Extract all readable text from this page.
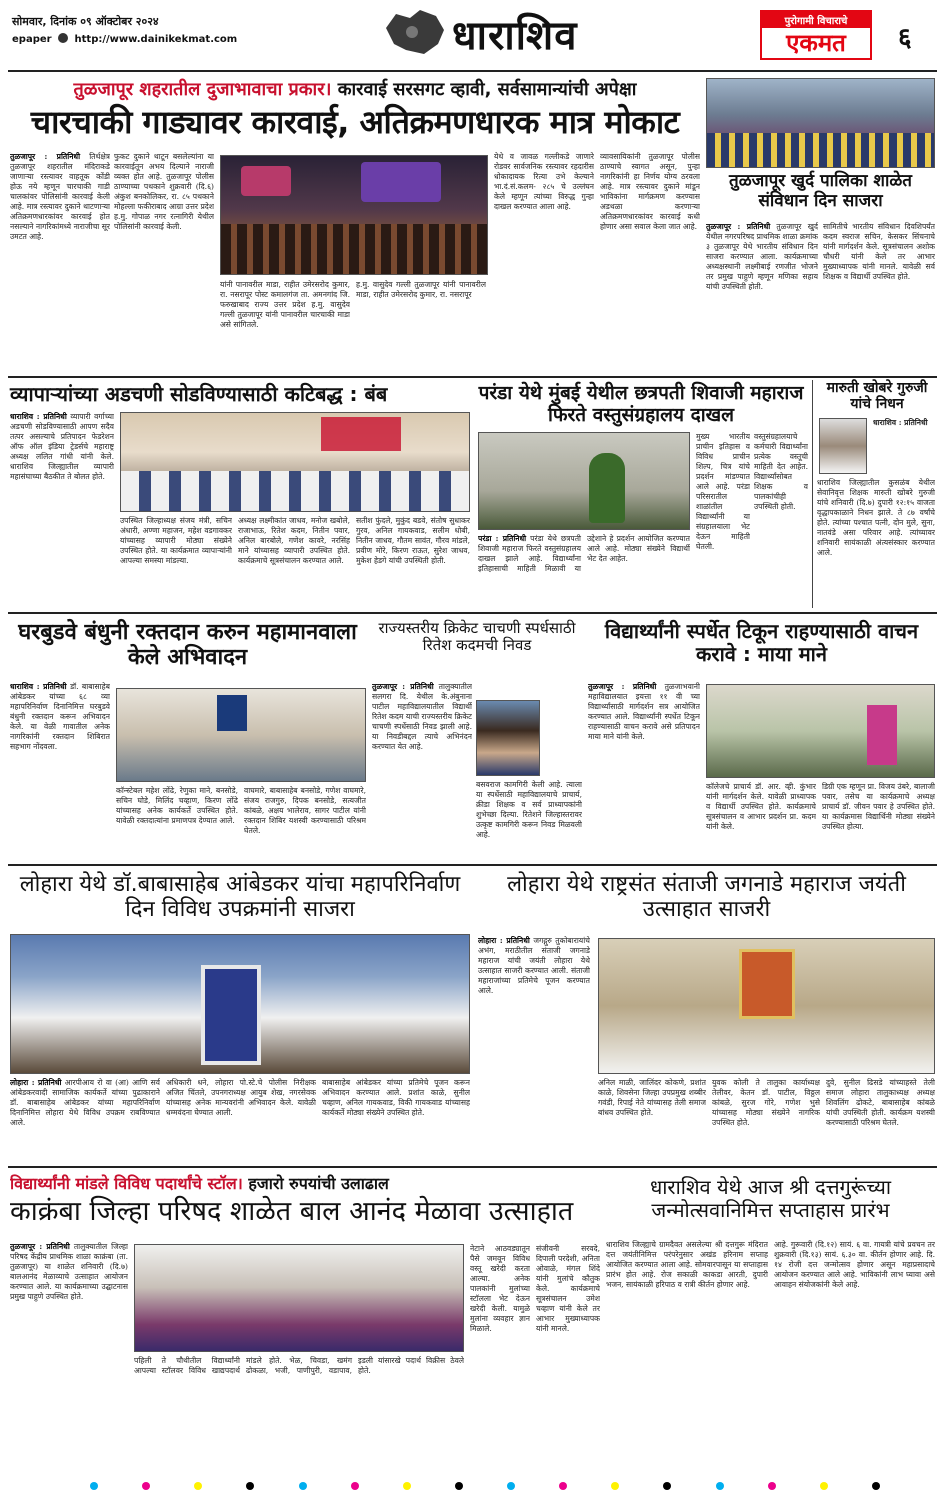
सोमवार, दिनांक ०९ ऑक्टोबर २०२४
epaper http://www.dainikekmat.com	धाराशिव	पुरोगामी विचाराचे
एकमत	६
तुळजापूर शहरातील दुजाभावाचा प्रकार। कारवाई सरसगट व्हावी, सर्वसामान्यांची अपेक्षा
चारचाकी गाड्यावर कारवाई, अतिक्रमणधारक मात्र मोकाट
तुळजापूर : प्रतिनिधी तिर्थक्षेत्र तुळजापूर शहरातील मंदिराकडे जाणाऱ्या रस्त्यावर वाहतूक कोंडी होऊ नये म्हणून चारचाकी गाडी चालकांवर पोलिसांनी कारवाई केली आहे. मात्र रस्त्यावर दुकाने थाटणाऱ्या अतिक्रमणधारकांवर कारवाई होत नसल्याने नागरिकांमध्ये नाराजीचा सूर उमटत आहे.
फुकट दुकाने थाटून बसलेल्यांना या कारवाईतून अभय दिल्याने नाराजी व्यक्त होत आहे. तुळजापूर पोलीस ठाण्याच्या पथकाने शुक्रवारी (दि.६) अंकुश बनकोलिकर, रा. ८५ पथकाने मोहल्ला फकीराबाद आग्रा उत्तर प्रदेश ह.मु. गोपाळ नगर रत्नागिरी येथील पोलिसांनी कारवाई केली.
यांनी पानावरील माडा, राहीत उमेरसरोद कुमार, रा. नसरापूर पोस्ट कमालगंज ता. अमनगांद जि. फरुखाबाद राज्य उत्तर प्रदेश ह.मु. वासुदेव गल्ली तुळजापूर यांनी पानावरील चारचाकी माडा असे सांगितले.
ह.मु. वासुदेव गल्ली तुळजापूर यांनी पानावरील माडा, राहीत उमेरसरोद कुमार, रा. नसरापूर
येथे व जावळ गल्लीकडे जाणारे रोडवर सार्वजनिक रस्त्यावर रहदारीस धोकादायक रित्या उभे केल्याने भा.दं.सं.कलम- २८५ चे उल्लंघन केले म्हणून त्यांच्या विरुद्ध गुन्हा दाखल करण्यात आला आहे.
व्यावसायिकांनी तुळजापूर पोलीस ठाण्याचे स्वागत असून, पुन्हा नागरिकांनी हा निर्णय योग्य ठरवला आहे. मात्र रस्त्यावर दुकाने मांडून भाविकांना मार्गक्रमण करण्यास अडथळा करणाऱ्या अतिक्रमणधारकांवर कारवाई कधी होणार असा सवाल केला जात आहे.
तुळजापूर खुर्द पालिका शाळेत संविधान दिन साजरा
तुळजापूर : प्रतिनिधी तुळजापूर खुर्द येथील नगरपरिषद प्राथमिक शाळा क्रमांक ३ तुळजापूर येथे भारतीय संविधान दिन साजरा करण्यात आला. कार्यक्रमाच्या अध्यक्षस्थानी लक्ष्मीबाई रणजीत भोजने तर प्रमुख पाहुणे म्हणून मणिका सहाय यांची उपस्थिती होती.
सामितीचे भारतीय संविधान दिवशिपर्यंत कदम स्वराज सचिन, केसकर सिंचनाचे यांनी मार्गदर्शन केले. सूत्रसंचालन अशोक चौधरी यांनी केले तर आभार मुख्याध्यापक यांनी मानले. यावेळी सर्व शिक्षक व विद्यार्थी उपस्थित होते.
व्यापाऱ्यांच्या अडचणी सोडविण्यासाठी कटिबद्ध : बंब
धाराशिव : प्रतिनिधी व्यापारी वर्गाच्या अडचणी सोडविण्यासाठी आपण सदैव तत्पर असल्याचे प्रतिपादन फेडरेशन ऑफ ऑल इंडिया ट्रेडर्सचे महाराष्ट्र अध्यक्ष ललित गांधी यांनी केले. धाराशिव जिल्ह्यातील व्यापारी महासंघाच्या बैठकीत ते बोलत होते.
उपस्थित जिल्हाध्यक्ष संजय मंत्री, सचिन अंधारी, अण्णा महाजन, महेश वडगावकर यांच्यासह व्यापारी मोठ्या संख्येने उपस्थित होते. या कार्यक्रमात व्यापाऱ्यांनी आपल्या समस्या मांडल्या.
अध्यक्ष लक्ष्मीकांत जाधव, मनोज खबोले, राजाभाऊ, रितेश कदम, नितीन पवार, अनिल बारबोले, गणेश कावरे, नरसिंह माने यांच्यासह व्यापारी उपस्थित होते. कार्यक्रमाचे सूत्रसंचालन करण्यात आले.
सतीश फुंदले, मुकुंद बडवे, संतोष सुधाकर गुरव, अनिल गायकवाड, सलीम धोबी, नितीन जाधव, गौतम सावंत, गौरव मांडले, प्रवीण मोरे, किरण राऊत, सुरेश जाधव, मुकेश हेडगे यांची उपस्थिती होती.
परंडा येथे मुंबई येथील छत्रपती शिवाजी महाराज फिरते वस्तुसंग्रहालय दाखल
परंडा : प्रतिनिधी परंडा येथे छत्रपती शिवाजी महाराज फिरते वस्तुसंग्रहालय दाखल झाले आहे. विद्यार्थ्यांना इतिहासाची माहिती मिळावी या उद्देशाने हे प्रदर्शन आयोजित करण्यात आले आहे. मोठ्या संख्येने विद्यार्थी भेट देत आहेत.
मुख्य भारतीय प्राचीन इतिहास व विविध प्राचीन शिल्प, चित्र यांचे प्रदर्शन मांडण्यात आले आहे. परंडा परिसरातील शाळांतील विद्यार्थ्यांनी या संग्रहालयाला भेट देऊन माहिती घेतली.
वस्तुसंग्रहालयाचे कर्मचारी विद्यार्थ्यांना प्रत्येक वस्तूची माहिती देत आहेत. विद्यार्थ्यांसोबत शिक्षक व पालकांचीही उपस्थिती होती.
मारुती खोबरे गुरुजी यांचे निधन
धाराशिव : प्रतिनिधी
धाराशिव जिल्ह्यातील कुसळंब येथील सेवानिवृत्त शिक्षक मारुती खोबरे गुरुजी यांचे शनिवारी (दि.७) दुपारी १२:१५ वाजता वृद्धापकाळाने निधन झाले. ते ८७ वर्षांचे होते. त्यांच्या पश्चात पत्नी, दोन मुले, सुना, नातवंडे असा परिवार आहे. त्यांच्यावर शनिवारी सायंकाळी अंत्यसंस्कार करण्यात आले.
घरबुडवे बंधुनी रक्तदान करुन महामानवाला केले अभिवादन
धाराशिव : प्रतिनिधी डॉ. बाबासाहेब आंबेडकर यांच्या ६८ व्या महापरिनिर्वाण दिनानिमित्त घरबुडवे बंधुनी रक्तदान करून अभिवादन केले. या वेळी गावातील अनेक नागरिकांनी रक्तदान शिबिरात सहभाग नोंदवला.
कॉन्स्टेबल महेश लोंढे, रेणुका माने, बनसोडे, सचिन घोडे, मिलिंद चव्हाण, किरण लोंढे यांच्यासह अनेक कार्यकर्ते उपस्थित होते. यावेळी रक्तदात्यांना प्रमाणपत्र देण्यात आले.
वाघमारे, बाबासाहेब बनसोडे, गणेश वाघमारे, संजय राजगुरु, दिपक बनसोडे, सत्यजीत कांबळे, अक्षय भालेराव, सागर पाटील यांनी रक्तदान शिबिर यशस्वी करण्यासाठी परिश्रम घेतले.
राज्यस्तरीय क्रिकेट चाचणी स्पर्धसाठी रितेश कदमची निवड
तुळजापूर : प्रतिनिधी तालुक्यातील सलगरा दि. येथील के.अंबुनाना पाटील महाविद्यालयातील विद्यार्थी रितेश कदम याची राज्यस्तरीय क्रिकेट चाचणी स्पर्धेसाठी निवड झाली आहे. या निवडीबद्दल त्याचे अभिनंदन करण्यात येत आहे.
बसवराज कामगिरी केली आहे. त्याला या स्पर्धेसाठी महाविद्यालयाचे प्राचार्य, क्रीडा शिक्षक व सर्व प्राध्यापकांनी शुभेच्छा दिल्या. रितेशने जिल्हास्तरावर उत्कृष्ट कामगिरी करून निवड मिळवली आहे.
विद्यार्थ्यांनी स्पर्धेत टिकून राहण्यासाठी वाचन करावे : माया माने
तुळजापूर : प्रतिनिधी तुळजाभवानी महाविद्यालयात इयत्ता ११ वी च्या विद्यार्थ्यांसाठी मार्गदर्शन सत्र आयोजित करण्यात आले. विद्यार्थ्यांनी स्पर्धेत टिकून राहण्यासाठी वाचन करावे असे प्रतिपादन माया माने यांनी केले.
कॉलेजचे प्राचार्य डॉ. आर. व्ही. कुंभार यांनी मार्गदर्शन केले. यावेळी प्राध्यापक व विद्यार्थी उपस्थित होते. कार्यक्रमाचे सूत्रसंचालन व आभार प्रदर्शन प्रा. कदम यांनी केले.
डिग्री एक म्हणून प्रा. विजय उंबरे, बालाजी पवार, तसेच या कार्यक्रमाचे अध्यक्ष प्राचार्य डॉ. जीवन पवार हे उपस्थित होते. या कार्यक्रमास विद्यार्थिनी मोठ्या संख्येने उपस्थित होत्या.
लोहारा येथे डॉ.बाबासाहेब आंबेडकर यांचा महापरिनिर्वाण दिन विविध उपक्रमांनी साजरा
लोहारा : प्रतिनिधी आरपीआय रो वा (आ) आणि सर्व आंबेडकरवादी सामाजिक कार्यकर्ते यांच्या पुढाकाराने डॉ. बाबासाहेब आंबेडकर यांच्या महापरिनिर्वाण दिनानिमित्त लोहारा येथे विविध उपक्रम राबविण्यात आले.
अधिकारी धने, लोहारा पो.स्टे.चे पोलीस निरीक्षक अजित चिंतले, उपनगराध्यक्ष आयुब शेख, नगरसेवक यांच्यासह अनेक मान्यवरांनी अभिवादन केले. यावेळी धम्मवंदना घेण्यात आली.
बाबासाहेब आंबेडकर यांच्या प्रतिमेचे पूजन करून अभिवादन करण्यात आले. प्रशांत काळे, सुनील चव्हाण, अनिल गायकवाड, विकी गायकवाड यांच्यासह कार्यकर्ते मोठ्या संख्येने उपस्थित होते.
लोहारा येथे राष्ट्रसंत संताजी जगनाडे महाराज जयंती उत्साहात साजरी
लोहारा : प्रतिनिधी जगद्गुरु तुकोबारायांचे अभंग, मराठीतील संताजी जगनाडे महाराज यांची जयंती लोहारा येथे उत्साहात साजरी करण्यात आली. संताजी महाराजांच्या प्रतिमेचे पूजन करण्यात आले.
अनिल माळी, जालिंदर कोकणे, प्रशांत काळे, शिवसेना जिल्हा उपप्रमुख शब्बीर गवंडी, रिपाई नेते यांच्यासह तेली समाज बांधव उपस्थित होते.
युवक कोली ते तालुका कार्याध्यक्ष तेलीवर, केतन डॉ. पाटील, विठ्ठल कांबळे, सुरज गोरे, गणेश भुसे यांच्यासह मोठ्या संख्येने नागरिक उपस्थित होते.
दुवे, सुनील ढिसडे यांच्याहस्ते तेली समाज लोहारा तालुकाध्यक्ष अध्यक्ष शिवलिंग ढोकटे, बाबासाहेब कांबळे यांची उपस्थिती होती. कार्यक्रम यशस्वी करण्यासाठी परिश्रम घेतले.
विद्यार्थ्यांनी मांडले विविध पदार्थांचे स्टॉल। हजारो रुपयांची उलाढाल
काक्रंबा जिल्हा परिषद शाळेत बाल आनंद मेळावा उत्साहात
तुळजापूर : प्रतिनिधी तालुक्यातील जिल्हा परिषद केंद्रीय प्राथमिक शाळा काक्रंबा (ता. तुळजापूर) या शाळेत शनिवारी (दि.७) बालआनंद मेळाव्याचे उत्साहात आयोजन करण्यात आले. या कार्यक्रमाच्या उद्घाटनास प्रमुख पाहुणे उपस्थित होते.
पहिली ते चौथीतील विद्यार्थ्यांनी आपल्या स्टॉलवर विविध खाद्यपदार्थ मांडले होते. भेळ, चिवडा, खमंग ढोकळा, भजी, पाणीपुरी, वडापाव, इडली यांसारखे पदार्थ विक्रीस ठेवले होते.
नेटाने आठवड्यातून पैसे जमवून विविध वस्तू खरेदी करता आल्या. अनेक पालकांनी मुलांच्या स्टॉलला भेट देऊन खरेदी केली. यामुळे मुलांना व्यवहार ज्ञान मिळाले.
संजीवनी सरवदे, दिपाली परदेशी, अनिता ओवाळे, मंगल शिंदे यांनी मुलांचे कौतुक केले. कार्यक्रमाचे सूत्रसंचालन उमेश चव्हाण यांनी केले तर आभार मुख्याध्यापक यांनी मानले.
धाराशिव येथे आज श्री दत्तगुरूंच्या जन्मोत्सवानिमित्त सप्ताहास प्रारंभ
धाराशिव जिल्ह्याचे ग्रामदैवत असलेल्या श्री दत्तगुरू मंदिरात दत्त जयंतीनिमित्त परंपरेनुसार अखंड हरिनाम सप्ताह आयोजित करण्यात आला आहे. सोमवारपासून या सप्ताहास प्रारंभ होत आहे. रोज सकाळी काकडा आरती, दुपारी भजन, सायंकाळी हरिपाठ व रात्री कीर्तन होणार आहे.
आहे. गुरूवारी (दि.१२) सायं. ६ वा. गायत्री यांचे प्रवचन तर शुक्रवारी (दि.१३) सायं. ६.३० वा. कीर्तन होणार आहे. दि. १४ रोजी दत्त जन्मोत्सव होणार असून महाप्रसादाचे आयोजन करण्यात आले आहे. भाविकांनी लाभ घ्यावा असे आवाहन संयोजकांनी केले आहे.
